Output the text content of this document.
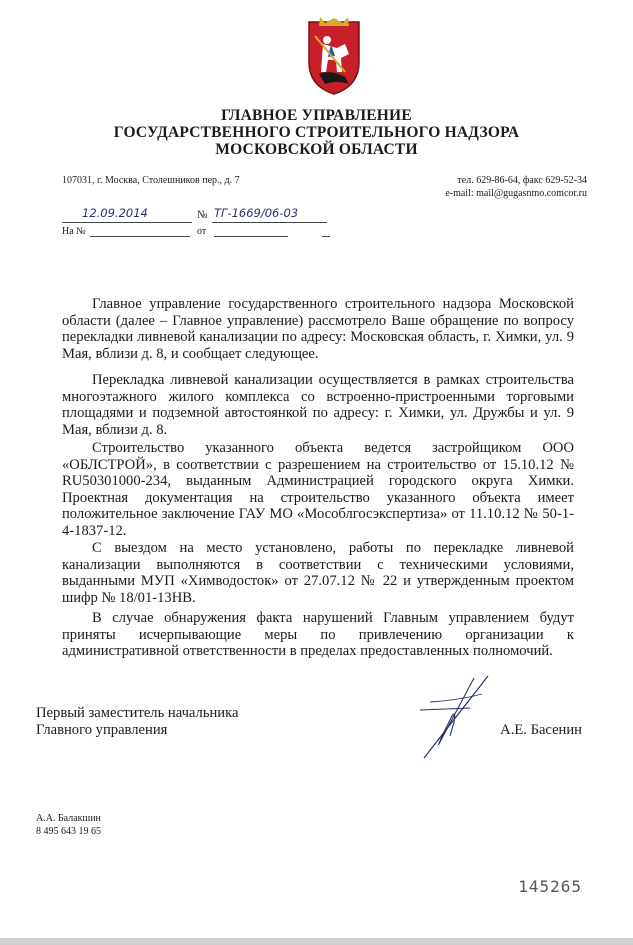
ГЛАВНОЕ УПРАВЛЕНИЕ
ГОСУДАРСТВЕННОГО СТРОИТЕЛЬНОГО НАДЗОРА
МОСКОВСКОЙ ОБЛАСТИ
107031, г. Москва, Столешников пер., д. 7	тел. 629-86-64, факс 629-52-34
e-mail: mail@gugasnmo.comcor.ru
12.09.2014	№ ТГ-1669/06-03
На №	от

Главное управление государственного строительного надзора Московской области (далее – Главное управление) рассмотрело Ваше обращение по вопросу перекладки ливневой канализации по адресу: Московская область, г. Химки, ул. 9 Мая, вблизи д. 8, и сообщает следующее.

Перекладка ливневой канализации осуществляется в рамках строительства многоэтажного жилого комплекса со встроенно-пристроенными торговыми площадями и подземной автостоянкой по адресу: г. Химки, ул. Дружбы и ул. 9 Мая, вблизи д. 8.

Строительство указанного объекта ведется застройщиком ООО «ОБЛСТРОЙ», в соответствии с разрешением на строительство от 15.10.12 № RU50301000-234, выданным Администрацией городского округа Химки. Проектная документация на строительство указанного объекта имеет положительное заключение ГАУ МО «Мособлгосэкспертиза» от 11.10.12 № 50-1-4-1837-12.

С выездом на место установлено, работы по перекладке ливневой канализации выполняются в соответствии с техническими условиями, выданными МУП «Химводосток» от 27.07.12 № 22 и утвержденным проектом шифр № 18/01-13НВ.

В случае обнаружения факта нарушений Главным управлением будут приняты исчерпывающие меры по привлечению организации к административной ответственности в пределах предоставленных полномочий.

Первый заместитель начальника
Главного управления	А.Е. Басенин
А.А. Балакшин
8 495 643 19 65
145265
